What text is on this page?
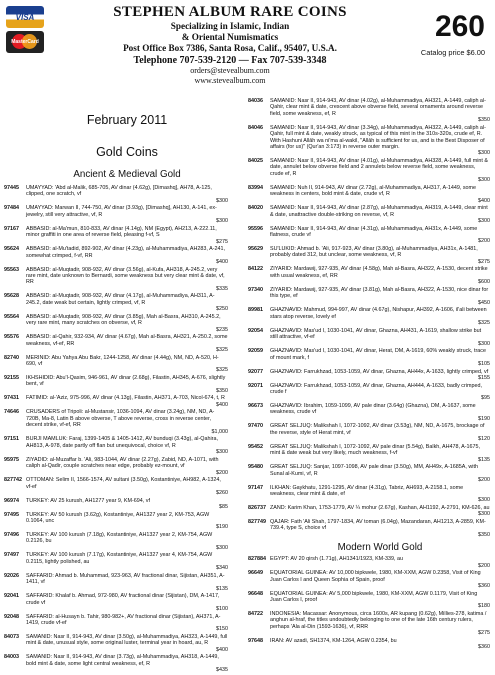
VISA
MasterCard
STEPHEN ALBUM RARE COINS
Specializing in Islamic, Indian
& Oriental Numismatics
Post Office Box 7386, Santa Rosa, Calif., 95407, U.S.A.
Telephone 707-539-2120 — Fax 707-539-3348
orders@stevealbum.com
www.stevealbum.com
260
Catalog price $6.00
February 2011
Gold Coins
Ancient & Medieval Gold
97445	UMAYYAD: 'Abd al-Malik, 685-705, AV dinar (4.62g), [Dimashq], AH78, A-125, clipped, one scratch, vf
$300
97484	UMAYYAD: Marwan II, 744-750, AV dinar (3.93g), [Dimashq], AH130, A-141, ex-jewelry, still very attractive, vf, R
$300
97167	ABBASID: al-Ma'mun, 810-833, AV dinar (4.14g), NM (Egypt), AH213, A-222.11, minor graffiti in one area of reverse field, pleasing f-vf, S
$275
95624	ABBASID: al-Mu'tadid, 892-902, AV dinar (4.23g), al-Muhammadiya, AH283, A-241, somewhat crimped, f-vf, RR
$400
95563	ABBASID: al-Muqtadir, 908-932, AV dinar (3.56g), al-Kufa, AH318, A-245.2, very rare mint, date unknown to Bernardi, some weakness but very clear mint & date, vf, RR
$335
95628	ABBASID: al-Muqtadir, 908-932, AV dinar (4.17g), al-Muhammadiya, AH311, A-245.2, date weak but certain, lightly crimped, vf, R
$250
95564	ABBASID: al-Muqtadir, 908-932, AV dinar (3.85g), Mah al-Basra, AH310, A-245.2, very rare mint, many scratches on obverse, vf, R
$235
95576	ABBASID: al-Qahir, 932-934, AV dinar (4.67g), Mah al-Basra, AH321, A-250.2, some weakness, vf-ef, RR
$325
82740	MERINID: Abu Yahya Abu Bakr, 1244-1258, AV dinar (4.44g), NM, ND, A-520, H-690, vf
$325
92155	IKHSHIDID: Abu'l-Qasim, 946-961, AV dinar (2.68g), Filastin, AH345, A-676, slightly bent, vf
$350
97431	FATIMID: al-'Aziz, 975-996, AV dinar (4.13g), Filastin, AH371, A-703, Nicol-674, t, R
$400
74646	CRUSADERS of Tripoli: al-Mustansir, 1036-1094, AV dinar (3.24g), NM, ND, A-720B, Ma-8, Latin B above obverse, T above reverse, cross in reverse center, decent strike, vf-ef, RR
$1,000
97151	BURJI MAMLUK: Faraj, 1399-1405 & 1405-1412, AV bunduqi (3.43g), al-Qahira, AH813, A-978, date partly off flan but unequivocal, choice vf, R
$300
95975	ZIYADID: al-Muzaffar b. 'Ali, 983-1044, AV dinar (2.27g), Zabid, ND, A-1071, with caliph al-Qadir, couple scratches near edge, probably ez-mount, vf
$200
827742 OTTOMAN: Selim II, 1566-1574, AV sultani (3.50g), Kostantiniye, AH982, A-1324, vf-ef
$260
96974	TURKEY: AV 25 kurush, AH1277 year 9, KM-694, vf
$85
97495	TURKEY: AV 50 kurush (3.62g), Kostantiniye, AH1327 year 2, KM-753, AGW 0.1064, unc
$190
97496	TURKEY: AV 100 kurush (7.18g), Kostantiniye, AH1327 year 2, KM-754, AGW 0.2126, bu
$300
97497	TURKEY: AV 100 kurush (7.17g), Kostantiniye, AH1327 year 4, KM-754, AGW 0.2115, lightly polished, au
$340
92026	SAFFARID: Ahmad b. Muhammad, 923-963, AV fractional dinar, Sijistan, AH351, A-1411, vf
$135
92041	SAFFARID: Khalaf b. Ahmad, 972-980, AV fractional dinar (Sijistan), DM, A-1417, crude vf
$100
92048	SAFFARID: al-Husayn b. Tahir, 980-982+, AV fractional dinar (Sijistan), AH371, A-1419, crude vf-ef
$150
84073	SAMANID: Nasr II, 914-943, AV dinar (3.50g), al-Muhammadiya, AH323, A-1449, full mint & date, unusual style, some original luster, terminal year in hoard, au, R
$400
84003	SAMANID: Nasr II, 914-943, AV dinar (3.73g), al-Muhammadiya, AH318, A-1449, bold mint & date, some light central weakness, ef, R
$435
84036	SAMANID: Nasr II, 914-943, AV dinar (4.02g), al-Muhammadiya, AH321, A-1449, caliph al-Qahir, clear mint & date, crescent above obverse field, several ornaments around reverse field, some weakness, ef, R
$350
84046	SAMANID: Nasr II, 914-943, AV dinar (3.34g), al-Muhammadiya, AH322, A-1449, caliph al-Qahir, full mint & date, weakly struck, as typical of this mint in the 310s-320s, crude ef, R. With Hashuni Allāh wa ni'ma al-wakil, "Allāh is sufficient for us, and is the Best Disposer of affairs (for us)" (Qur'an 3:173) in reverse outer margin.
$300
84025	SAMANID: Nasr II, 914-943, AV dinar (4.01g), al-Muhammadiya, AH328, A-1449, full mint & date, annulet below obverse field and 2 annulets below reverse field, some weakness, crude ef, R
$300
83994	SAMANID: Nuh II, 914-943, AV dinar (2.72g), al-Muhammadiya, AH317, A-1449, some weakness in centers, bold mint & date, crude vf, R
$400
84020	SAMANID: Nasr II, 914-943, AV dinar (2.87g), al-Muhammadiya, AH319, A-1449, clear mint & date, unattractive double-striking on reverse, vf, R
$300
95596	SAMANID: Nasr II, 914-943, AV dinar (4.31g), al-Muhammadiya, AH31x, A-1449, some flatness, crude vf
$200
95629	SU'LUKID: Ahmad b. 'Ali, 917-923, AV dinar (3.80g), al-Muhammadiya, AH31x, A-1481, probably dated 312, but unclear, some weakness, vf, R
$275
84122	ZIYARID: Mardawij, 927-935, AV dinar (4.58g), Mah al-Basra, AH322, A-1530, decent strike with usual weakness, ef, RR
$600
97340	ZIYARID: Mardawij, 927-935, AV dinar (3.81g), Mah al-Basra, AH322, A-1530, nice dinar for this type, ef
$450
89981	GHAZNAVID: Mahmud, 994-997, AV dinar (4.67g), Nishapur, AH392, A-1606, il'ali between stars atop reverse, lovely ef
$325
92054	GHAZNAVID: Mas'ud I, 1030-1041, AV dinar, Ghazna, AH431, A-1619, shallow strike but still attractive, vf-ef
$300
92059	GHAZNAVID: Mas'ud I, 1030-1041, AV dinar, Herat, DM, A-1619, 60% weakly struck, trace of mount mark, f
$105
92077	GHAZNAVID: Farrukhzad, 1053-1059, AV dinar, Ghazna, AH44x, A-1633, lightly crimped, vf
$155
92071	GHAZNAVID: Farrukhzad, 1053-1059, AV dinar, Ghazna, AH444, A-1633, badly crimped, crude f
$95
96673	GHAZNAVID: Ibrahim, 1059-1099, AV pale dinar (3.64g) (Ghazna), DM, A-1637, some weakness, crude vf
$190
97470	GREAT SELJUQ: Malikshah I, 1072-1092, AV dinar (3.53g), NM, ND, A-1675, brockage of the reverse, style of Herat mint, vf
$120
95452	GREAT SELJUQ: Malikshah I, 1072-1092, AV pale dinar (5.54g), Balkh, AH478, A-1675, mint & date weak but very likely, much weakness, f-vf
$135
95480	GREAT SELJUQ: Sanjar, 1097-1098, AV pale dinar (3.50g), MM, AH49x, A-1685A, with Sunal al-Kumi, vf, R
$200
97147	ILKHAN: Gaykhatu, 1291-1295, AV dinar (4.31g), Tabriz, AH693, A-2158.1, some weakness, clear mint & date, ef
$300
826737 ZAND: Karim Khan, 1753-1779, AV ¼ mohur (2.67g), Kashan, AH1192, A-2791, KM-626, au
$300
827749 QAJAR: Fath 'Ali Shah, 1797-1834, AV toman (6.04g), Mazandaran, AH1213, A-2859, KM-739.4, type S, choice vf
$350
Modern World Gold
827884 EGYPT: AV 20 qirsh (1.71g), AH1341/1923, KM-339, au
$200
96649	EQUATORIAL GUINEA: AV 10,000 bipkwele, 1980, KM-XXM, AGW 0.2358, Visit of King Juan Carlos I and Queen Sophia of Spain, proof
$360
96648	EQUATORIAL GUINEA: AV 5,000 bipkwele, 1980, KM-XXM, AGW 0.1179, Visit of King Juan Carlos I, proof
$180
84722	INDONESIA: Macassar: Anonymous, circa 1600s, AR kupang (0.62g), Millies-278, katima / anghun al-hraf, the titles undoubtedly belonging to one of the late 16th century rulers, perhaps 'Ala al-Din (1593-1636), vf, RRR
$275
97648	IRAN: AV azadi, SH1374, KM-1264, AGW 0.2354, bu
$360
